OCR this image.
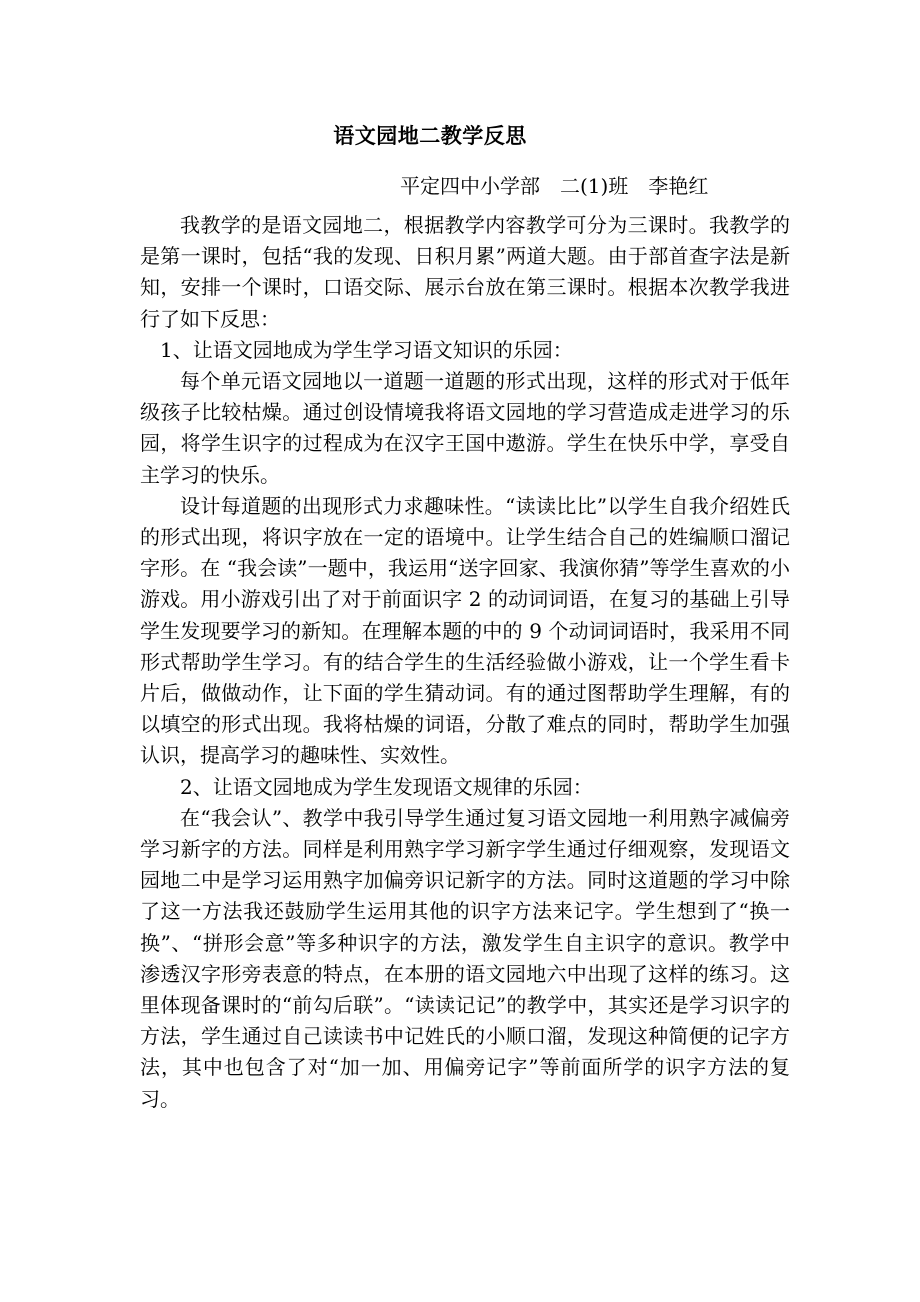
语文园地二教学反思
平定四中小学部　二(1)班　李艳红

我教学的是语文园地二，根据教学内容教学可分为三课时。我教学的是第一课时，包括“我的发现、日积月累”两道大题。由于部首查字法是新知，安排一个课时，口语交际、展示台放在第三课时。根据本次教学我进行了如下反思：

1、让语文园地成为学生学习语文知识的乐园：

每个单元语文园地以一道题一道题的形式出现，这样的形式对于低年级孩子比较枯燥。通过创设情境我将语文园地的学习营造成走进学习的乐园，将学生识字的过程成为在汉字王国中遨游。学生在快乐中学，享受自主学习的快乐。

设计每道题的出现形式力求趣味性。“读读比比”以学生自我介绍姓氏的形式出现，将识字放在一定的语境中。让学生结合自己的姓编顺口溜记字形。在 “我会读”一题中，我运用“送字回家、我演你猜”等学生喜欢的小游戏。用小游戏引出了对于前面识字 2 的动词词语，在复习的基础上引导学生发现要学习的新知。在理解本题的中的 9 个动词词语时，我采用不同形式帮助学生学习。有的结合学生的生活经验做小游戏，让一个学生看卡片后，做做动作，让下面的学生猜动词。有的通过图帮助学生理解，有的以填空的形式出现。我将枯燥的词语，分散了难点的同时，帮助学生加强认识，提高学习的趣味性、实效性。

2、让语文园地成为学生发现语文规律的乐园：

在“我会认”、教学中我引导学生通过复习语文园地一利用熟字减偏旁学习新字的方法。同样是利用熟字学习新字学生通过仔细观察，发现语文园地二中是学习运用熟字加偏旁识记新字的方法。同时这道题的学习中除了这一方法我还鼓励学生运用其他的识字方法来记字。学生想到了“换一换”、“拼形会意”等多种识字的方法，激发学生自主识字的意识。教学中渗透汉字形旁表意的特点，在本册的语文园地六中出现了这样的练习。这里体现备课时的“前勾后联”。“读读记记”的教学中，其实还是学习识字的方法，学生通过自己读读书中记姓氏的小顺口溜，发现这种简便的记字方法，其中也包含了对“加一加、用偏旁记字”等前面所学的识字方法的复习。
